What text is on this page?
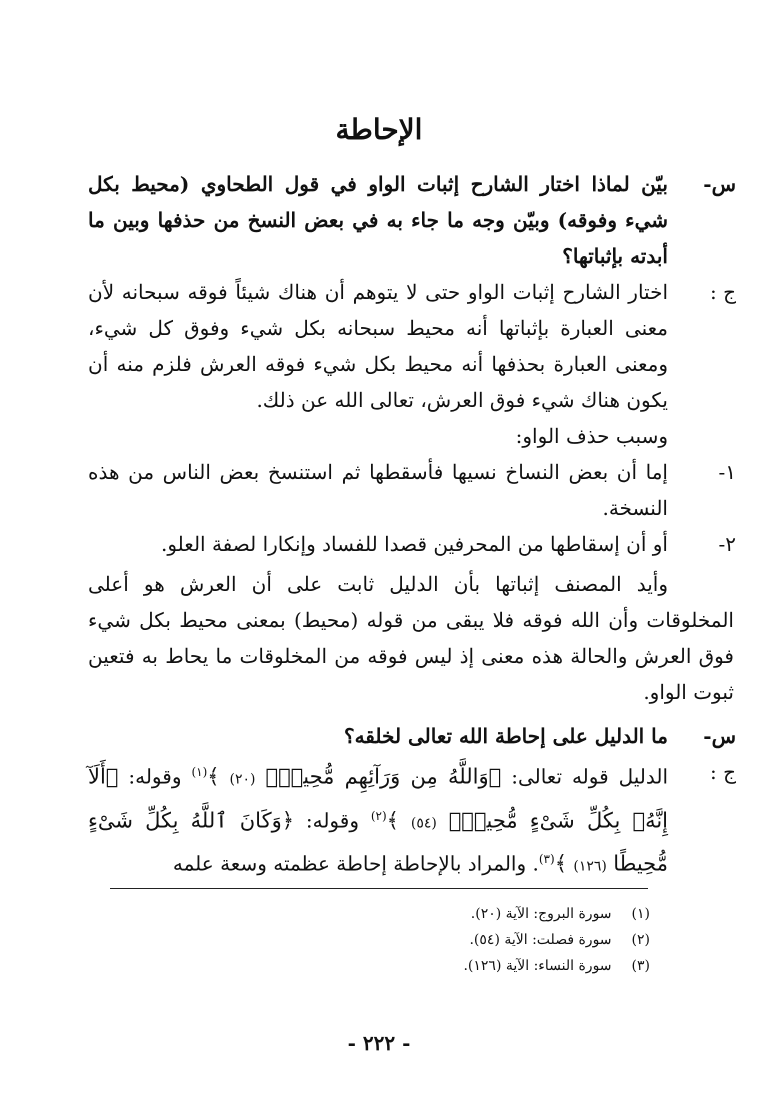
الإحاطة
س-
بيّن لماذا اختار الشارح إثبات الواو في قول الطحاوي (محيط بكل شيء وفوقه) وبيّن وجه ما جاء به في بعض النسخ من حذفها وبين ما أبدته بإثباتها؟
ج :
اختار الشارح إثبات الواو حتى لا يتوهم أن هناك شيئاً فوقه سبحانه لأن معنى العبارة بإثباتها أنه محيط سبحانه بكل شيء وفوق كل شيء، ومعنى العبارة بحذفها أنه محيط بكل شيء فوقه العرش فلزم منه أن يكون هناك شيء فوق العرش، تعالى الله عن ذلك.
وسبب حذف الواو:
١-
إما أن بعض النساخ نسيها فأسقطها ثم استنسخ بعض الناس من هذه النسخة.
٢-
أو أن إسقاطها من المحرفين قصدا للفساد وإنكارا لصفة العلو.
وأيد المصنف إثباتها بأن الدليل ثابت على أن العرش هو أعلى المخلوقات وأن الله فوقه فلا يبقى من قوله (محيط) بمعنى محيط بكل شيء فوق العرش والحالة هذه معنى إذ ليس فوقه من المخلوقات ما يحاط به فتعين ثبوت الواو.
س-
ما الدليل على إحاطة الله تعالى لخلقه؟
ج :
الدليل قوله تعالى: ﴿وَاللَّهُ مِن وَرَآئِهِم مُّحِيطٌۢ (٢٠) ﴾$^{(١)}$ وقوله: ﴿أَلَآ إِنَّهُۥ بِكُلِّ شَىْءٍ مُّحِيطٌۢ (٥٤) ﴾$^{(٢)}$ وقوله: ﴿وَكَانَ ٱللَّهُ بِكُلِّ شَىْءٍ مُّحِيطًا (١٢٦) ﴾$^{(٣)}$. والمراد بالإحاطة إحاطة عظمته وسعة علمه
(١) سورة البروج: الآية (٢٠).
(٢) سورة فصلت: الآية (٥٤).
(٣) سورة النساء: الآية (١٢٦).
- ٢٢٢ -
